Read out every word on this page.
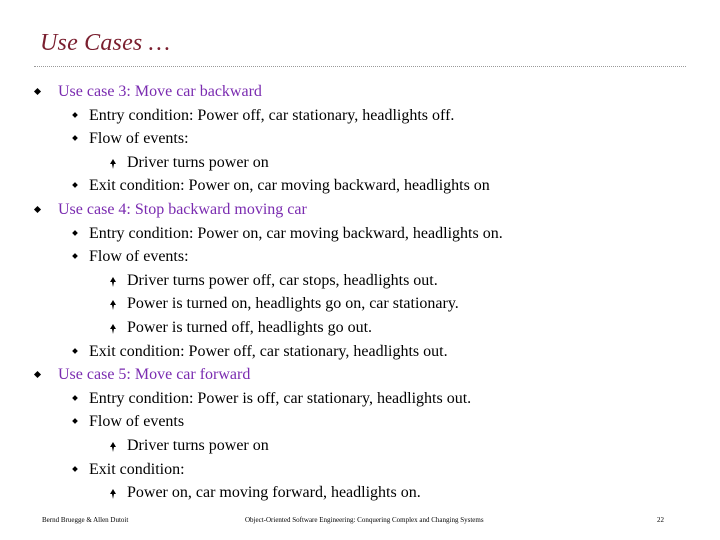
Use Cases …
Use case 3: Move car backward
Entry condition: Power off, car stationary, headlights off.
Flow of events:
Driver turns power on
Exit condition: Power on, car moving backward, headlights on
Use case 4: Stop backward moving car
Entry condition: Power on, car moving backward, headlights on.
Flow of events:
Driver turns power off, car stops, headlights out.
Power is turned on, headlights go on, car stationary.
Power is turned off, headlights go out.
Exit condition: Power off, car stationary, headlights out.
Use case 5: Move car forward
Entry condition: Power is off, car stationary, headlights out.
Flow of events
Driver turns power on
Exit condition:
Power on, car moving forward, headlights on.
Bernd Bruegge & Allen Dutoit	Object-Oriented Software Engineering: Conquering Complex and Changing Systems	22
